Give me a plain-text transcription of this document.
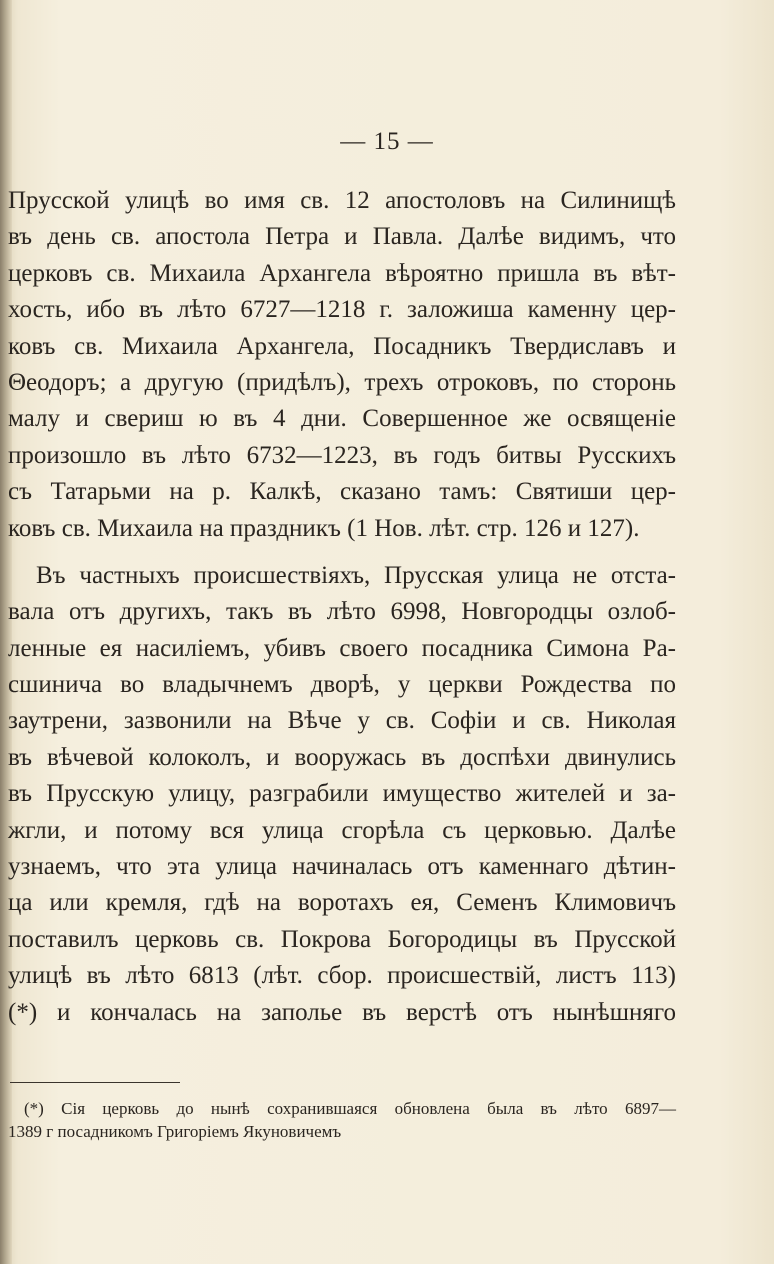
— 15 —
Прусской улицѣ во имя св. 12 апостоловъ на Силинищѣ
въ день св. апостола Петра и Павла. Далѣе видимъ, что
церковъ св. Михаила Архангела вѣроятно пришла въ вѣт-
хость, ибо въ лѣто 6727—1218 г. заложиша каменну цер-
ковъ св. Михаила Архангела, Посадникъ Твердиславъ и
Θеодоръ; а другую (придѣлъ), трехъ отроковъ, по сторонь
малу и свериш ю въ 4 дни. Совершенное же освященіе
произошло въ лѣто 6732—1223, въ годъ битвы Русскихъ
съ Татарьми на р. Калкѣ, сказано тамъ: Святиши цер-
ковъ св. Михаила на праздникъ (1 Нов. лѣт. стр. 126 и 127).
Въ частныхъ происшествіяхъ, Прусская улица не отста-
вала отъ другихъ, такъ въ лѣто 6998, Новгородцы озлоб-
ленные ея насиліемъ, убивъ своего посадника Симона Ра-
сшинича во владычнемъ дворѣ, у церкви Рождества по
заутрени, зазвонили на Вѣче у св. Софіи и св. Николая
въ вѣчевой колоколъ, и вооружась въ доспѣхи двинулись
въ Прусскую улицу, разграбили имущество жителей и за-
жгли, и потому вся улица сгорѣла съ церковью. Далѣе
узнаемъ, что эта улица начиналась отъ каменнаго дѣтин-
ца или кремля, гдѣ на воротахъ ея, Семенъ Климовичъ
поставилъ церковь св. Покрова Богородицы въ Прусской
улицѣ въ лѣто 6813 (лѣт. сбор. происшествій, листъ 113)
(*) и кончалась на заполье въ верстѣ отъ нынѣшняго
(*) Сія церковь до нынѣ сохранившаяся обновлена была въ лѣто 6897—
1389 г посадникомъ Григоріемъ Якуновичемъ
